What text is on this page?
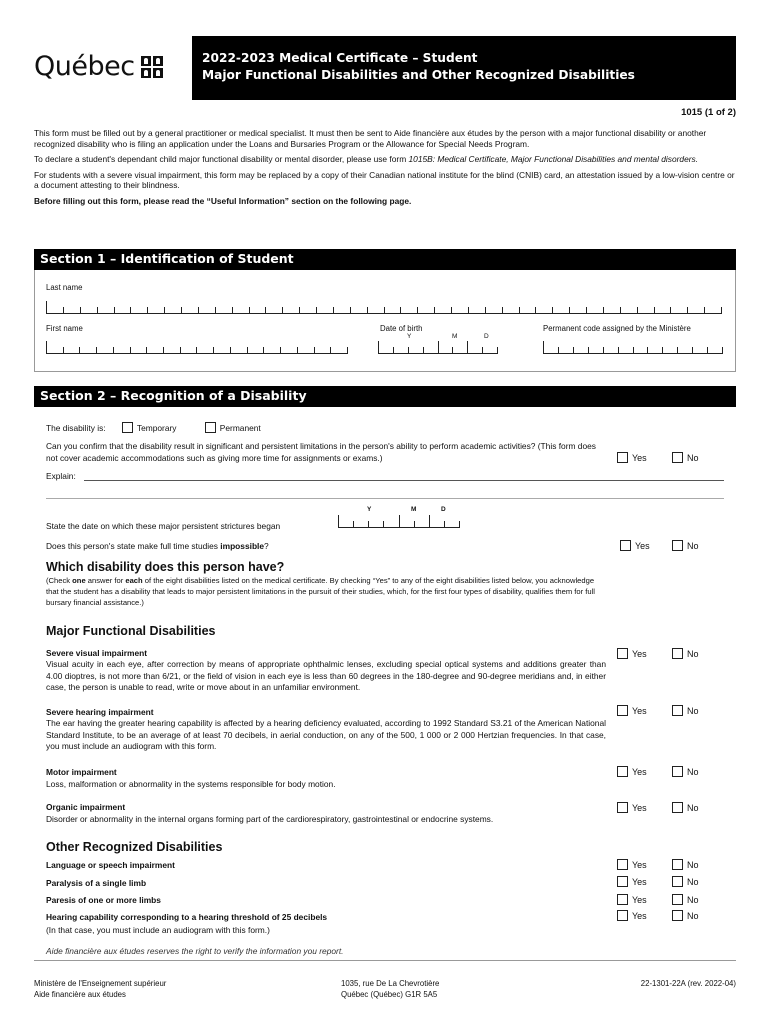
Québec	2022-2023 Medical Certificate – Student
Major Functional Disabilities and Other Recognized Disabilities
1015 (1 of 2)

This form must be filled out by a general practitioner or medical specialist. It must then be sent to Aide financière aux études by the person with a major functional disability or another recognized disability who is filing an application under the Loans and Bursaries Program or the Allowance for Special Needs Program.

To declare a student's dependant child major functional disability or mental disorder, please use form 1015B: Medical Certificate, Major Functional Disabilities and mental disorders.

For students with a severe visual impairment, this form may be replaced by a copy of their Canadian national institute for the blind (CNIB) card, an attestation issued by a low-vision centre or a document attesting to their blindness.

Before filling out this form, please read the “Useful Information” section on the following page.

Section 1 – Identification of Student
Last name
First name	Date of birth
Y	M	D
Permanent code assigned by the Ministère
Section 2 – Recognition of a Disability
The disability is:	Temporary	Permanent
Can you confirm that the disability result in significant and persistent limitations in the person's ability to perform academic activities? (This form does not cover academic accommodations such as giving more time for assignments or exams.)	Yes	No
Explain:
Y	M	D
State the date on which these major persistent strictures began
Does this person's state make full time studies impossible?	Yes	No
Which disability does this person have?
(Check one answer for each of the eight disabilities listed on the medical certificate. By checking “Yes” to any of the eight disabilities listed below, you acknowledge that the student has a disability that leads to major persistent limitations in the pursuit of their studies, which, for the first four types of disability, qualifies them for full bursary financial assistance.)
Major Functional Disabilities
Severe visual impairment
Visual acuity in each eye, after correction by means of appropriate ophthalmic lenses, excluding special optical systems and additions greater than 4.00 dioptres, is not more than 6/21, or the field of vision in each eye is less than 60 degrees in the 180-degree and 90-degree meridians and, in either case, the person is unable to read, write or move about in an unfamiliar environment.
Yes	No
Severe hearing impairment
The ear having the greater hearing capability is affected by a hearing deficiency evaluated, according to 1992 Standard S3.21 of the American National Standard Institute, to be an average of at least 70 decibels, in aerial conduction, on any of the 500, 1 000 or 2 000 Hertzian frequencies. In that case, you must include an audiogram with this form.
Yes	No
Motor impairment
Loss, malformation or abnormality in the systems responsible for body motion.
Yes	No
Organic impairment
Disorder or abnormality in the internal organs forming part of the cardiorespiratory, gastrointestinal or endocrine systems.
Yes	No
Other Recognized Disabilities
Language or speech impairment	Yes	No
Paralysis of a single limb	Yes	No
Paresis of one or more limbs	Yes	No
Hearing capability corresponding to a hearing threshold of 25 decibels
(In that case, you must include an audiogram with this form.)
Yes	No
Aide financière aux études reserves the right to verify the information you report.
Ministère de l'Enseignement supérieur
Aide financière aux études
1035, rue De La Chevrotière
Québec (Québec) G1R 5A5
22-1301-22A (rev. 2022-04)
